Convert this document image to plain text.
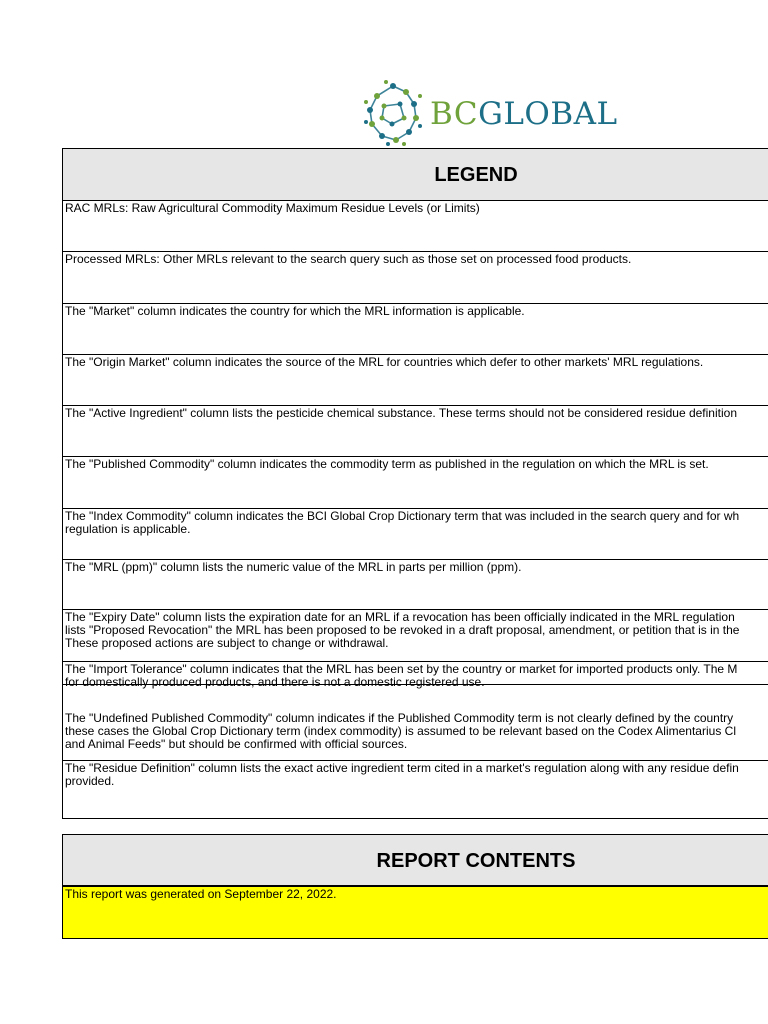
BCGLOBAL
LEGEND
RAC MRLs: Raw Agricultural Commodity Maximum Residue Levels (or Limits)
Processed MRLs: Other MRLs relevant to the search query such as those set on processed food products.
The "Market" column indicates the country for which the MRL information is applicable.
The "Origin Market" column indicates the source of the MRL for countries which defer to other markets' MRL regulations.
The "Active Ingredient" column lists the pesticide chemical substance. These terms should not be considered residue definition
The "Published Commodity" column indicates the commodity term as published in the regulation on which the MRL is set.
The "Index Commodity" column indicates the BCI Global Crop Dictionary term that was included in the search query and for wh
regulation is applicable.
The "MRL (ppm)" column lists the numeric value of the MRL in parts per million (ppm).
The "Expiry Date" column lists the expiration date for an MRL if a revocation has been officially indicated in the MRL regulation
lists "Proposed Revocation" the MRL has been proposed to be revoked in a draft proposal, amendment, or petition that is in the
These proposed actions are subject to change or withdrawal.
The "Import Tolerance" column indicates that the MRL has been set by the country or market for imported products only. The M
for domestically produced products, and there is not a domestic registered use.
The "Undefined Published Commodity" column indicates if the Published Commodity term is not clearly defined by the country
these cases the Global Crop Dictionary term (index commodity) is assumed to be relevant based on the Codex Alimentarius Cl
and Animal Feeds" but should be confirmed with official sources.
The "Residue Definition" column lists the exact active ingredient term cited in a market's regulation along with any residue defin
provided.
REPORT CONTENTS
This report was generated on September 22, 2022.
